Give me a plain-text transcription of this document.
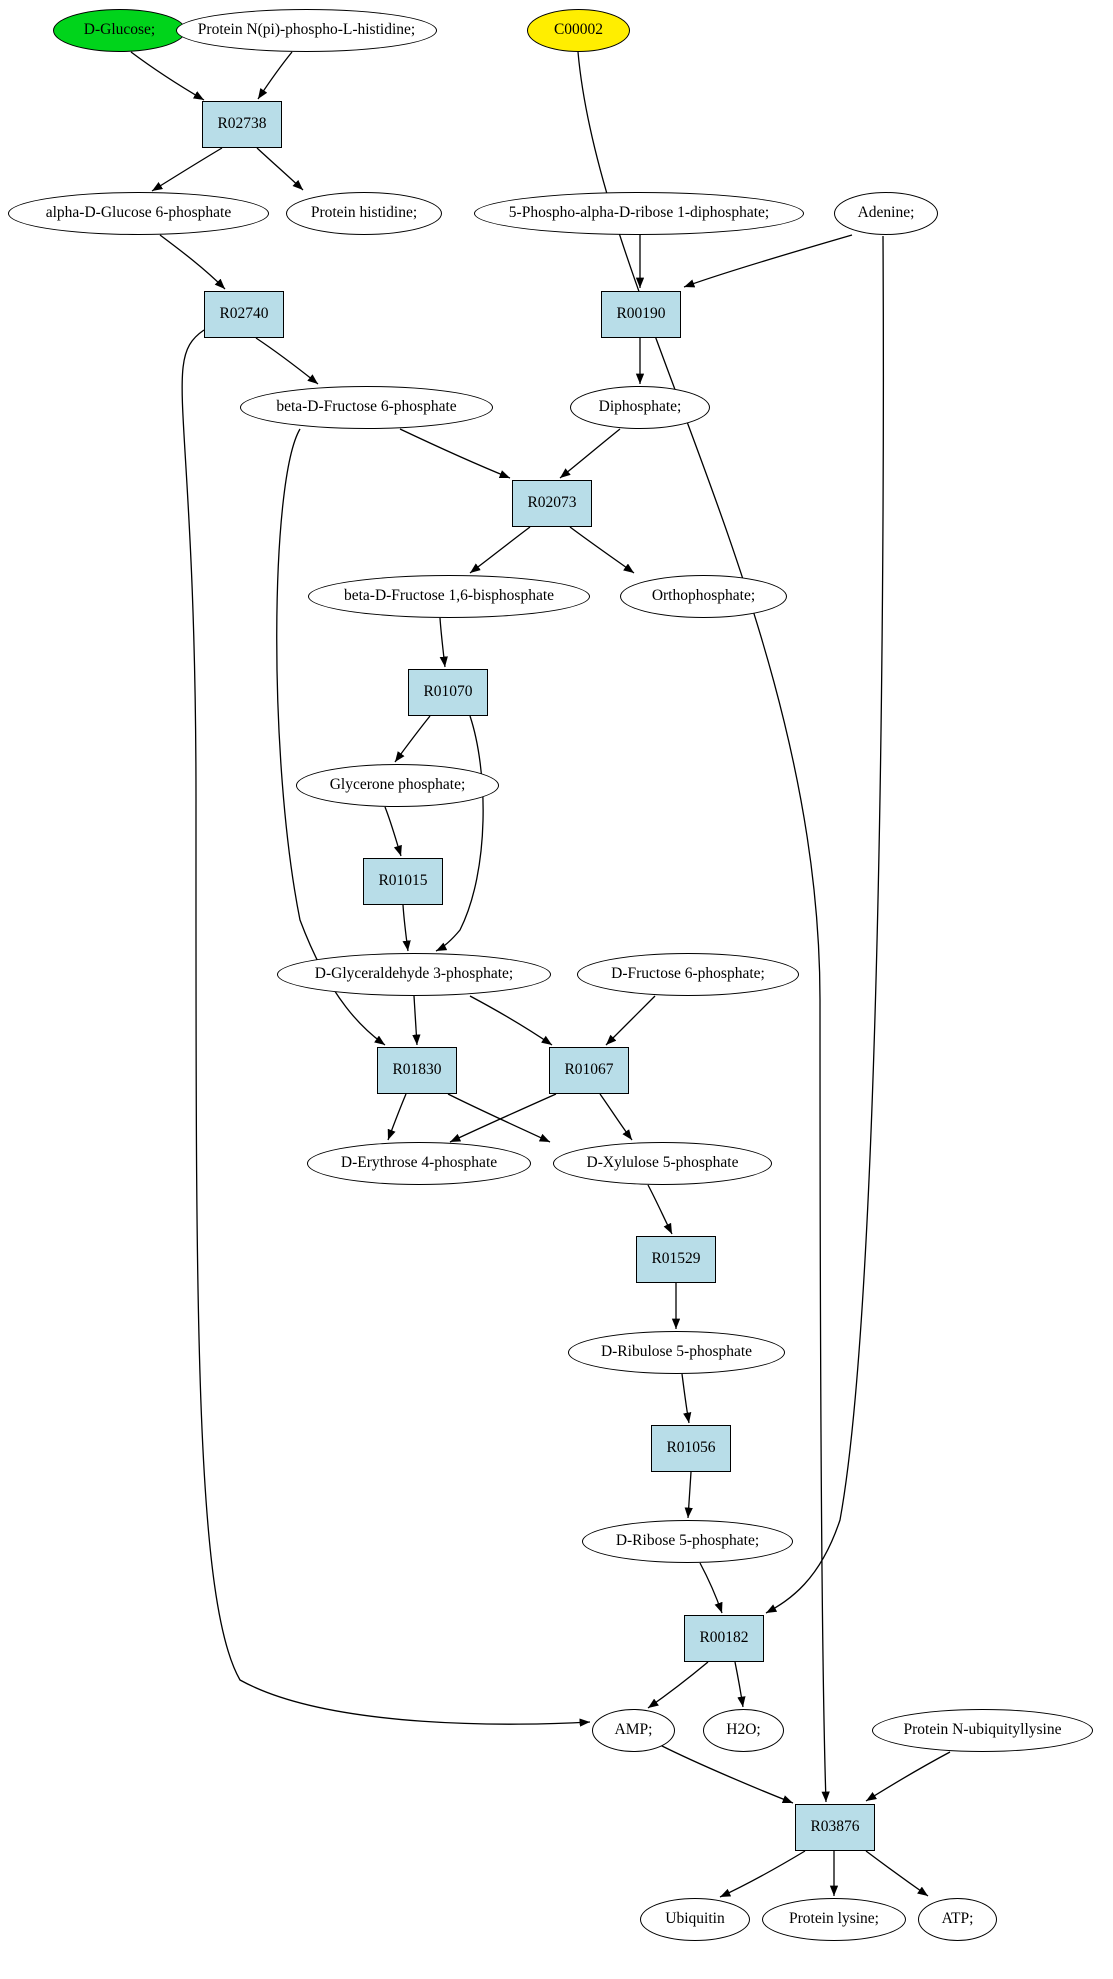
D-Glucose;	Protein N(pi)-phospho-L-histidine;	C00002
R02738
alpha-D-Glucose 6-phosphate	Protein histidine;	5-Phospho-alpha-D-ribose 1-diphosphate;	Adenine;
R02740	R00190
beta-D-Fructose 6-phosphate	Diphosphate;
R02073
beta-D-Fructose 1,6-bisphosphate	Orthophosphate;
R01070
Glycerone phosphate;
R01015
D-Glyceraldehyde 3-phosphate;	D-Fructose 6-phosphate;
R01830	R01067
D-Erythrose 4-phosphate	D-Xylulose 5-phosphate
R01529
D-Ribulose 5-phosphate
R01056
D-Ribose 5-phosphate;
R00182
AMP;	H2O;	Protein N-ubiquityllysine
R03876
Ubiquitin	Protein lysine;	ATP;
